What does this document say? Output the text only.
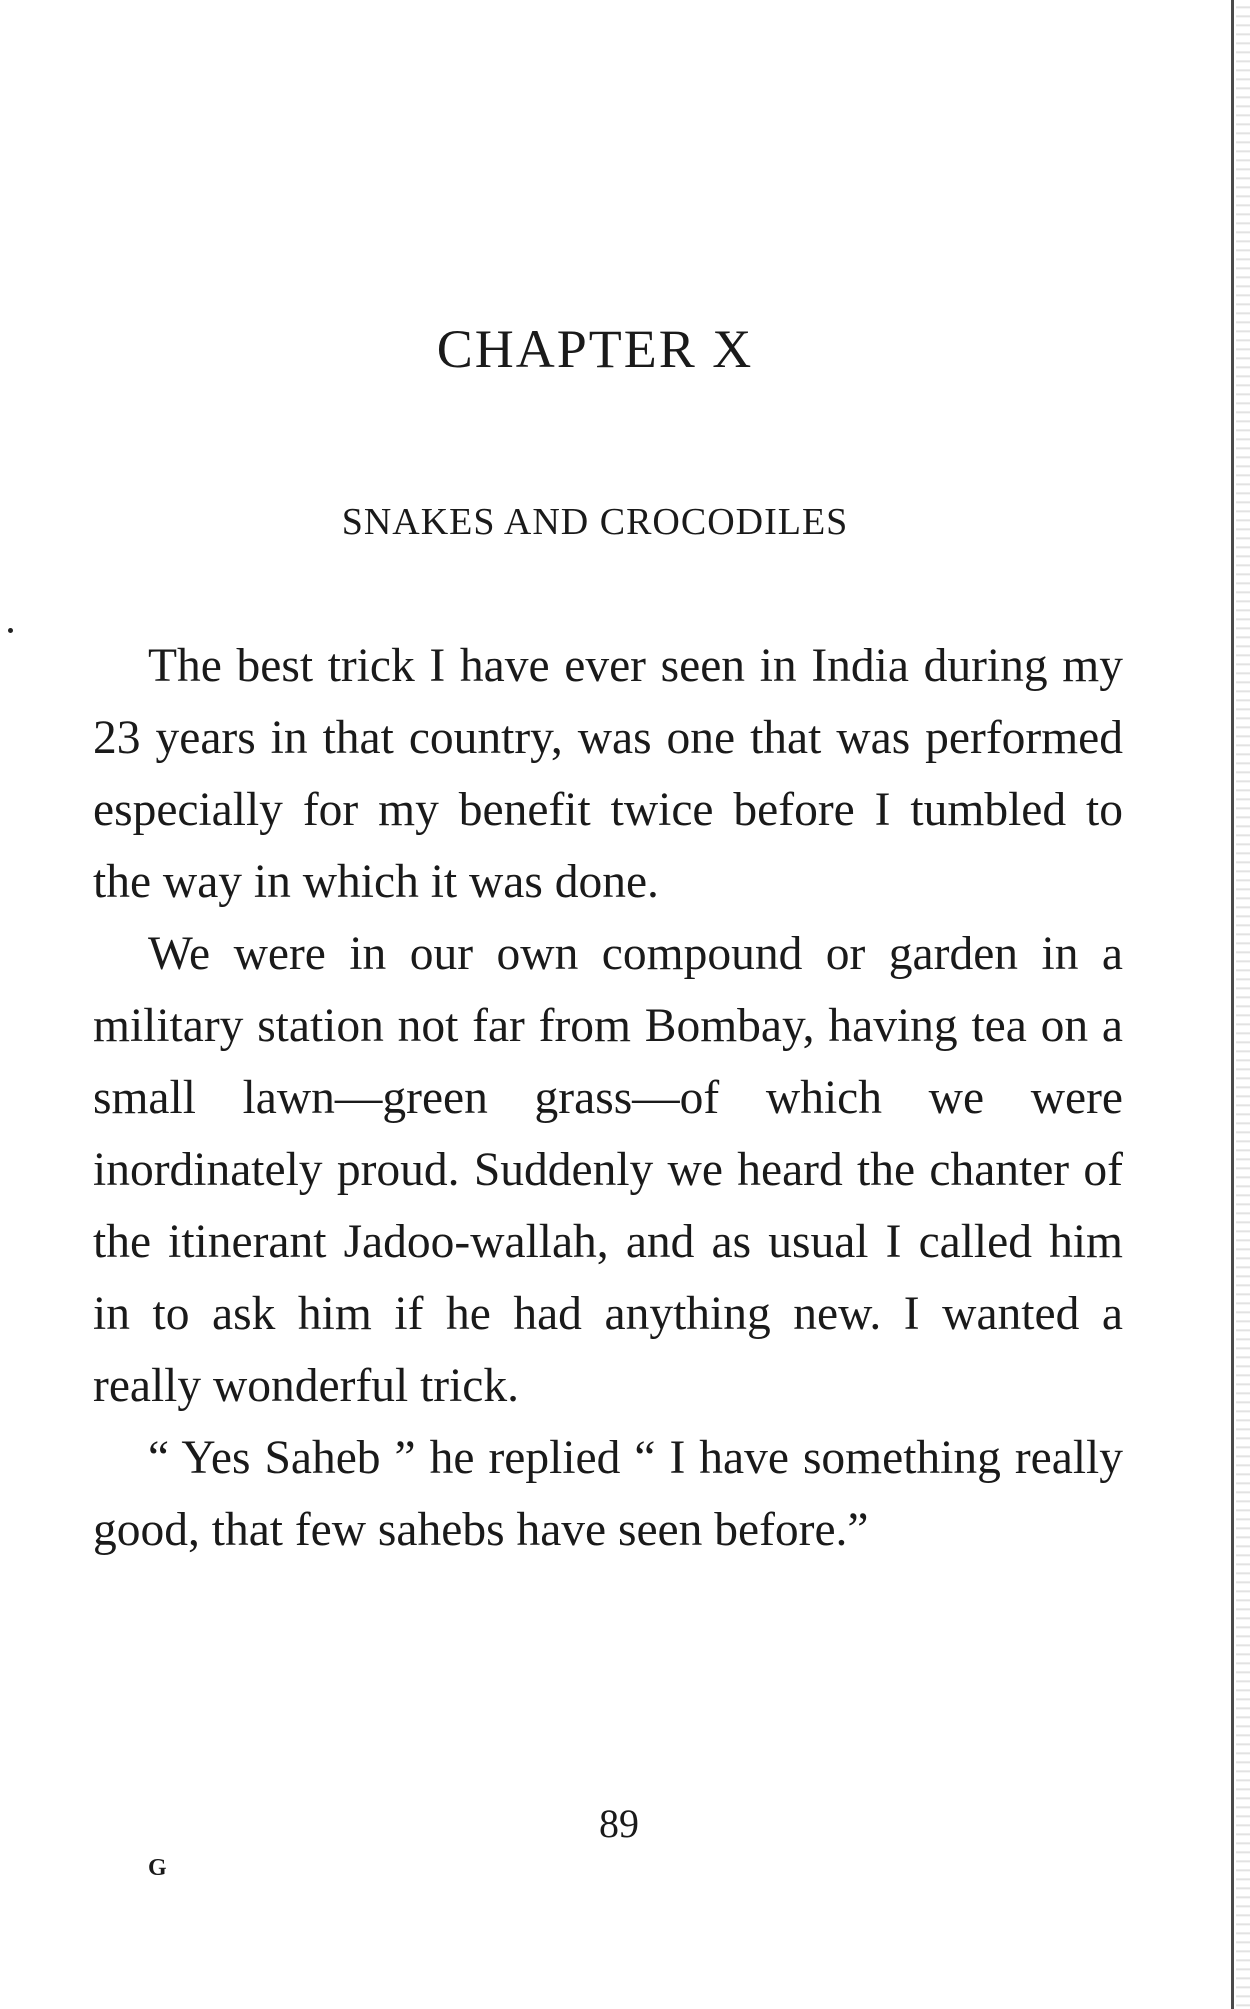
CHAPTER X
SNAKES AND CROCODILES

The best trick I have ever seen in India during my 23 years in that country, was one that was performed especially for my benefit twice before I tumbled to the way in which it was done.

We were in our own compound or garden in a military station not far from Bombay, having tea on a small lawn—green grass—of which we were inordinately proud. Suddenly we heard the chanter of the itinerant Jadoo-wallah, and as usual I called him in to ask him if he had anything new. I wanted a really wonderful trick.

“ Yes Saheb ” he replied “ I have something really good, that few sahebs have seen before.”

89
G
